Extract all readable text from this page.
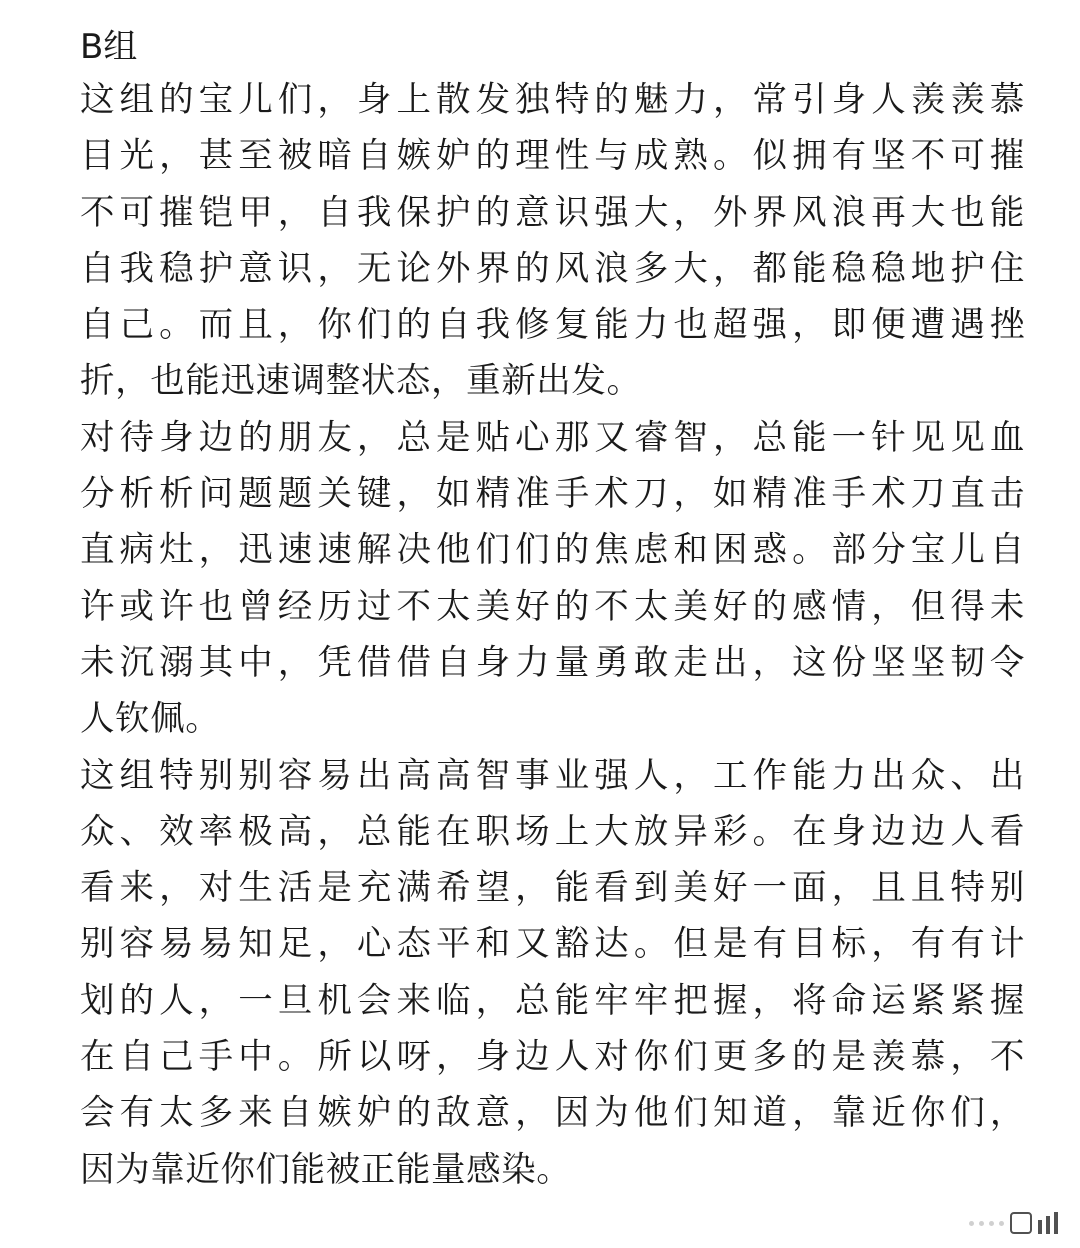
B组
这组的宝儿们，身上散发独特的魅力，常引身人羡羡慕
目光，甚至被暗自嫉妒的理性与成熟。似拥有坚不可摧
不可摧铠甲，自我保护的意识强大，外界风浪再大也能
自我稳护意识，无论外界的风浪多大，都能稳稳地护住
自己。而且，你们的自我修复能力也超强，即便遭遇挫
折，也能迅速调整状态，重新出发。
对待身边的朋友，总是贴心那又睿智，总能一针见见血
分析析问题题关键，如精准手术刀，如精准手术刀直击
直病灶，迅速速解决他们们的焦虑和困惑。部分宝儿自
许或许也曾经历过不太美好的不太美好的感情，但得未
未沉溺其中，凭借借自身力量勇敢走出，这份坚坚韧令
人钦佩。
这组特别别容易出高高智事业强人，工作能力出众、出
众、效率极高，总能在职场上大放异彩。在身边边人看
看来，对生活是充满希望，能看到美好一面，且且特别
别容易易知足，心态平和又豁达。但是有目标，有有计
划的人，一旦机会来临，总能牢牢把握，将命运紧紧握
在自己手中。所以呀，身边人对你们更多的是羡慕，不
会有太多来自嫉妒的敌意，因为他们知道，靠近你们，
因为靠近你们能被正能量感染。
